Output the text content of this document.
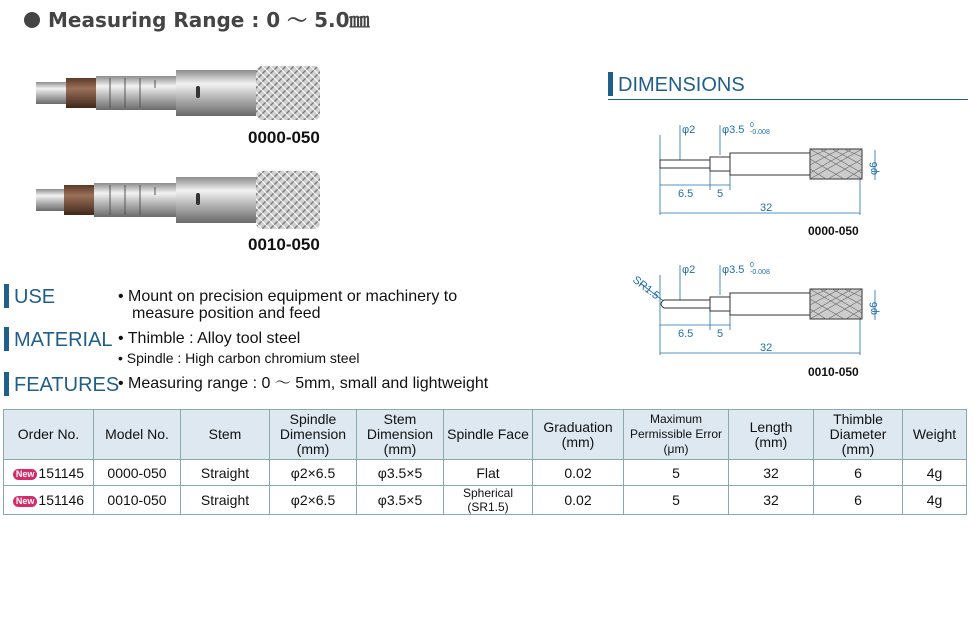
Measuring Range : 0 ～ 5.0㎜
0000-050
0010-050
USE	• Mount on precision equipment or machinery to
measure position and feed
MATERIAL • Thimble : Alloy tool steel
• Spindle : High carbon chromium steel
FEATURES
• Measuring range : 0 ～ 5mm, small and lightweight
DIMENSIONS
φ2 φ3.5 0
-0.008
φ6
6.5 5
32
0000-050
SR1.5
φ2 φ3.5 0
-0.008
φ6
6.5 5
32
0010-050
Order No.	Model No.	Stem	Spindle
Dimension
(mm)	Stem
Dimension
(mm)	Spindle Face	Graduation
(mm)	Maximum
Permissible Error
(μm)	Length
(mm)	Thimble
Diameter
(mm)	Weight
New 151145	0000-050	Straight	φ2×6.5	φ3.5×5	Flat	0.02	5	32	6	4g
New 151146	0010-050	Straight	φ2×6.5	φ3.5×5	Spherical (SR1.5)	0.02	5	32	6	4g
